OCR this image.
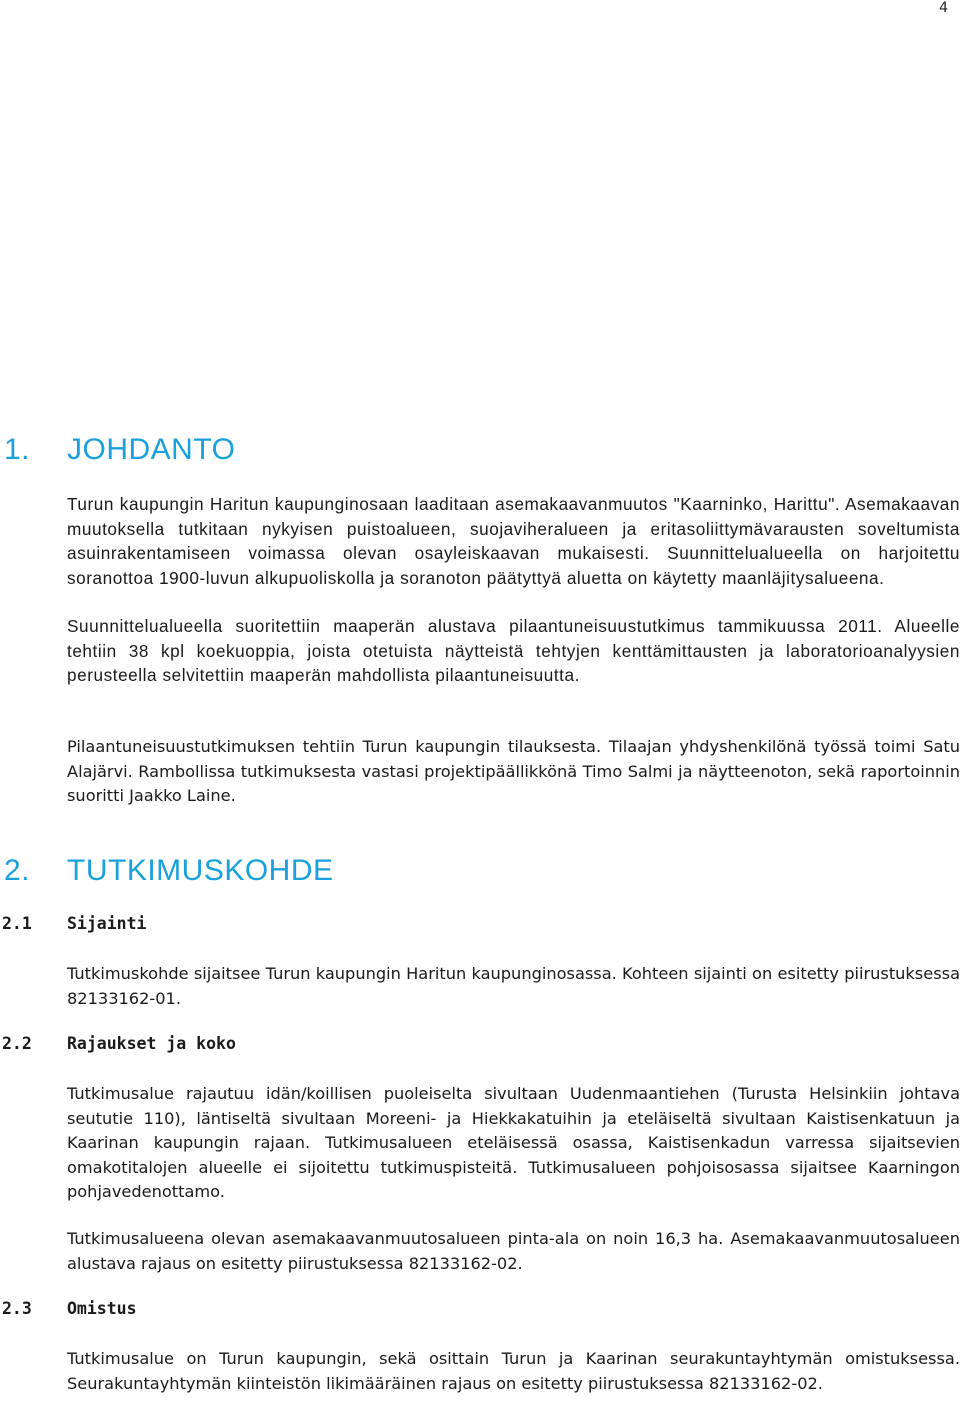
4
1. JOHDANTO
Turun kaupungin Haritun kaupunginosaan laaditaan asemakaavanmuutos "Kaarninko, Harittu". Asemakaavan muutoksella tutkitaan nykyisen puistoalueen, suojaviheralueen ja eritasoliittymävarausten soveltumista asuinrakentamiseen voimassa olevan osayleiskaavan mukaisesti. Suunnittelualueella on harjoitettu soranottoa 1900-luvun alkupuoliskolla ja soranoton päätyttyä aluetta on käytetty maanläjitysalueena.
Suunnittelualueella suoritettiin maaperän alustava pilaantuneisuustutkimus tammikuussa 2011. Alueelle tehtiin 38 kpl koekuoppia, joista otetuista näytteistä tehtyjen kenttämittausten ja laboratorioanalyysien perusteella selvitettiin maaperän mahdollista pilaantuneisuutta.
Pilaantuneisuustutkimuksen tehtiin Turun kaupungin tilauksesta. Tilaajan yhdyshenkilönä työssä toimi Satu Alajärvi. Rambollissa tutkimuksesta vastasi projektipäällikkönä Timo Salmi ja näytteenoton, sekä raportoinnin suoritti Jaakko Laine.
2. TUTKIMUSKOHDE
2.1 Sijainti
Tutkimuskohde sijaitsee Turun kaupungin Haritun kaupunginosassa. Kohteen sijainti on esitetty piirustuksessa 82133162-01.
2.2 Rajaukset ja koko
Tutkimusalue rajautuu idän/koillisen puoleiselta sivultaan Uudenmaantiehen (Turusta Helsinkiin johtava seututie 110), läntiseltä sivultaan Moreeni- ja Hiekkakatuihin ja eteläiseltä sivultaan Kaistisenkatuun ja Kaarinan kaupungin rajaan. Tutkimusalueen eteläisessä osassa, Kaistisenkadun varressa sijaitsevien omakotitalojen alueelle ei sijoitettu tutkimuspisteitä. Tutkimusalueen pohjoisosassa sijaitsee Kaarningon pohjavedenottamo.
Tutkimusalueena olevan asemakaavanmuutosalueen pinta-ala on noin 16,3 ha. Asemakaavanmuutosalueen alustava rajaus on esitetty piirustuksessa 82133162-02.
2.3 Omistus
Tutkimusalue on Turun kaupungin, sekä osittain Turun ja Kaarinan seurakuntayhtymän omistuksessa. Seurakuntayhtymän kiinteistön likimääräinen rajaus on esitetty piirustuksessa 82133162-02.
